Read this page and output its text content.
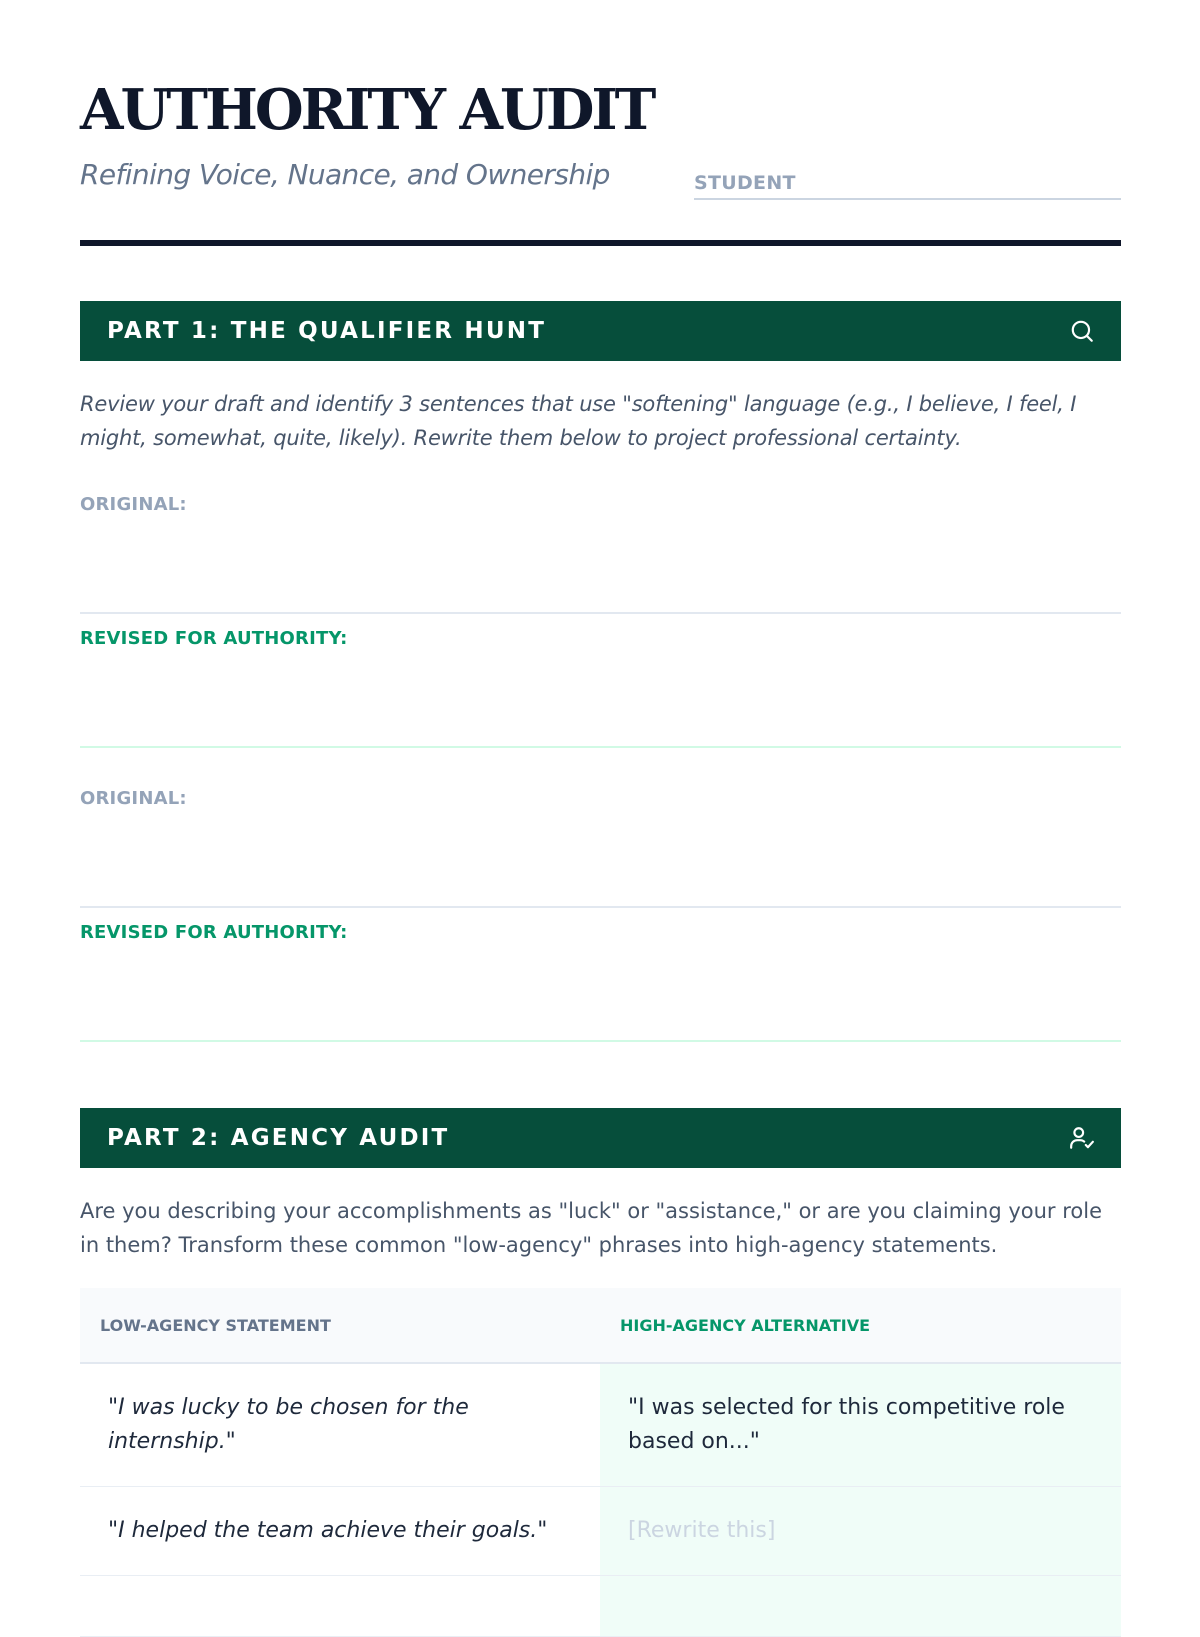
AUTHORITY AUDIT
Refining Voice, Nuance, and Ownership	STUDENT
PART 1: THE QUALIFIER HUNT
Review your draft and identify 3 sentences that use "softening" language (e.g., I believe, I feel, I might, somewhat, quite, likely). Rewrite them below to project professional certainty.
ORIGINAL:
REVISED FOR AUTHORITY:
ORIGINAL:
REVISED FOR AUTHORITY:
PART 2: AGENCY AUDIT
Are you describing your accomplishments as "luck" or "assistance," or are you claiming your role in them? Transform these common "low-agency" phrases into high-agency statements.
LOW-AGENCY STATEMENT	HIGH-AGENCY ALTERNATIVE
"I was lucky to be chosen for the internship."	"I was selected for this competitive role based on..."
"I helped the team achieve their goals."	[Rewrite this]
